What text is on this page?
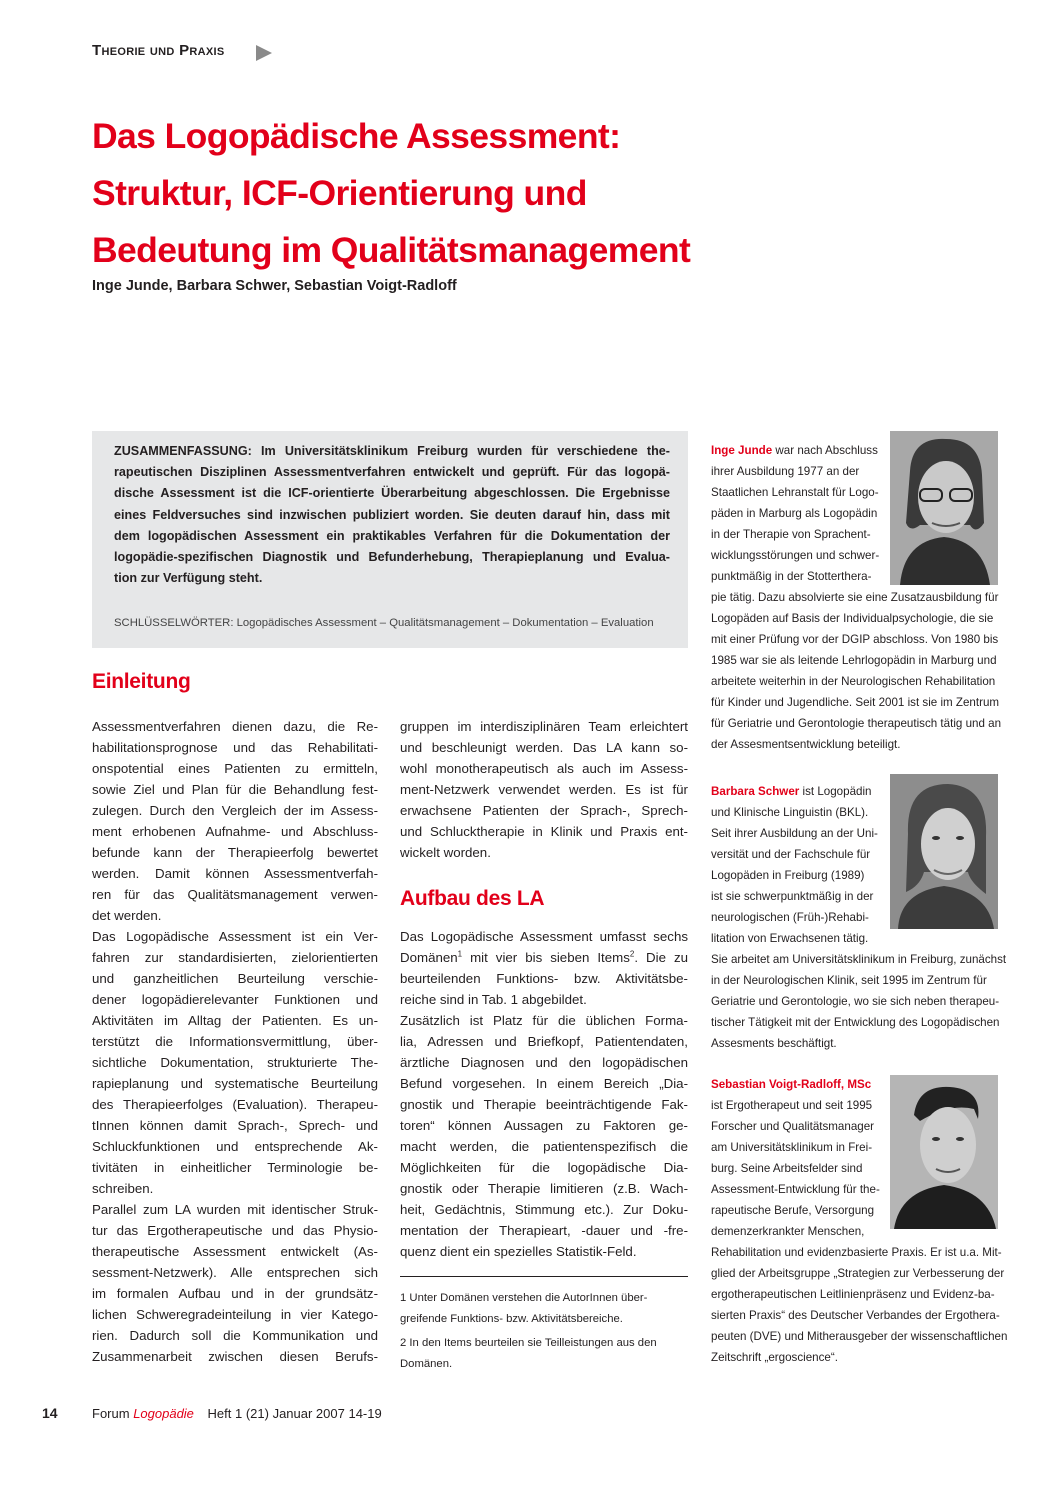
Theorie und Praxis
Das Logopädische Assessment:
Struktur, ICF-Orientierung und
Bedeutung im Qualitätsmanagement
Inge Junde, Barbara Schwer, Sebastian Voigt-Radloff
ZUSAMMENFASSUNG: Im Universitätsklinikum Freiburg wurden für verschiedene the-
rapeutischen Disziplinen Assessmentverfahren entwickelt und geprüft. Für das logopä-
dische Assessment ist die ICF-orientierte Überarbeitung abgeschlossen. Die Ergebnisse
eines Feldversuches sind inzwischen publiziert worden. Sie deuten darauf hin, dass mit
dem logopädischen Assessment ein praktikables Verfahren für die Dokumentation der
logopädie-spezifischen Diagnostik und Befunderhebung, Therapieplanung und Evalua-
tion zur Verfügung steht.
SCHLÜSSELWÖRTER: Logopädisches Assessment – Qualitätsmanagement – Dokumentation – Evaluation
Einleitung
Assessmentverfahren dienen dazu, die Re-
habilitationsprognose und das Rehabilitati-
onspotential eines Patienten zu ermitteln,
sowie Ziel und Plan für die Behandlung fest-
zulegen. Durch den Vergleich der im Assess-
ment erhobenen Aufnahme- und Abschluss-
befunde kann der Therapieerfolg bewertet
werden. Damit können Assessmentverfah-
ren für das Qualitätsmanagement verwen-
det werden.
Das Logopädische Assessment ist ein Ver-
fahren zur standardisierten, zielorientierten
und ganzheitlichen Beurteilung verschie-
dener logopädierelevanter Funktionen und
Aktivitäten im Alltag der Patienten. Es un-
terstützt die Informationsvermittlung, über-
sichtliche Dokumentation, strukturierte The-
rapieplanung und systematische Beurteilung
des Therapieerfolges (Evaluation). Therapeu-
tInnen können damit Sprach-, Sprech- und
Schluckfunktionen und entsprechende Ak-
tivitäten in einheitlicher Terminologie be-
schreiben.
Parallel zum LA wurden mit identischer Struk-
tur das Ergotherapeutische und das Physio-
therapeutische Assessment entwickelt (As-
sessment-Netzwerk). Alle entsprechen sich
im formalen Aufbau und in der grundsätz-
lichen Schweregradeinteilung in vier Katego-
rien. Dadurch soll die Kommunikation und
Zusammenarbeit zwischen diesen Berufs-
gruppen im interdisziplinären Team erleichtert
und beschleunigt werden. Das LA kann so-
wohl monotherapeutisch als auch im Assess-
ment-Netzwerk verwendet werden. Es ist für
erwachsene Patienten der Sprach-, Sprech-
und Schlucktherapie in Klinik und Praxis ent-
wickelt worden.
Aufbau des LA
Das Logopädische Assessment umfasst sechs
Domänen$^1$ mit vier bis sieben Items$^2$. Die zu
beurteilenden Funktions- bzw. Aktivitätsbe-
reiche sind in Tab. 1 abgebildet.
Zusätzlich ist Platz für die üblichen Forma-
lia, Adressen und Briefkopf, Patientendaten,
ärztliche Diagnosen und den logopädischen
Befund vorgesehen. In einem Bereich „Dia-
gnostik und Therapie beeinträchtigende Fak-
toren“ können Aussagen zu Faktoren ge-
macht werden, die patientenspezifisch die
Möglichkeiten für die logopädische Dia-
gnostik oder Therapie limitieren (z.B. Wach-
heit, Gedächtnis, Stimmung etc.). Zur Doku-
mentation der Therapieart, -dauer und -fre-
quenz dient ein spezielles Statistik-Feld.
1 Unter Domänen verstehen die AutorInnen über-
greifende Funktions- bzw. Aktivitätsbereiche.
2 In den Items beurteilen sie Teilleistungen aus den
Domänen.
Inge Junde war nach Abschluss
ihrer Ausbildung 1977 an der
Staatlichen Lehranstalt für Logo-
päden in Marburg als Logopädin
in der Therapie von Sprachent-
wicklungsstörungen und schwer-
punktmäßig in der Stotterthera-
pie tätig. Dazu absolvierte sie eine Zusatzausbildung für
Logopäden auf Basis der Individualpsychologie, die sie
mit einer Prüfung vor der DGIP abschloss. Von 1980 bis
1985 war sie als leitende Lehrlogopädin in Marburg und
arbeitete weiterhin in der Neurologischen Rehabilitation
für Kinder und Jugendliche. Seit 2001 ist sie im Zentrum
für Geriatrie und Gerontologie therapeutisch tätig und an
der Assesmentsentwicklung beteiligt.
Barbara Schwer ist Logopädin
und Klinische Linguistin (BKL).
Seit ihrer Ausbildung an der Uni-
versität und der Fachschule für
Logopäden in Freiburg (1989)
ist sie schwerpunktmäßig in der
neurologischen (Früh-)Rehabi-
litation von Erwachsenen tätig.
Sie arbeitet am Universitätsklinikum in Freiburg, zunächst
in der Neurologischen Klinik, seit 1995 im Zentrum für
Geriatrie und Gerontologie, wo sie sich neben therapeu-
tischer Tätigkeit mit der Entwicklung des Logopädischen
Assesments beschäftigt.
Sebastian Voigt-Radloff, MSc
ist Ergotherapeut und seit 1995
Forscher und Qualitätsmanager
am Universitätsklinikum in Frei-
burg. Seine Arbeitsfelder sind
Assessment-Entwicklung für the-
rapeutische Berufe, Versorgung
demenzerkrankter Menschen,
Rehabilitation und evidenzbasierte Praxis. Er ist u.a. Mit-
glied der Arbeitsgruppe „Strategien zur Verbesserung der
ergotherapeutischen Leitlinienpräsenz und Evidenz-ba-
sierten Praxis“ des Deutscher Verbandes der Ergothera-
peuten (DVE) und Mitherausgeber der wissenschaftlichen
Zeitschrift „ergoscience“.
14	Forum Logopädie Heft 1 (21) Januar 2007 14-19
